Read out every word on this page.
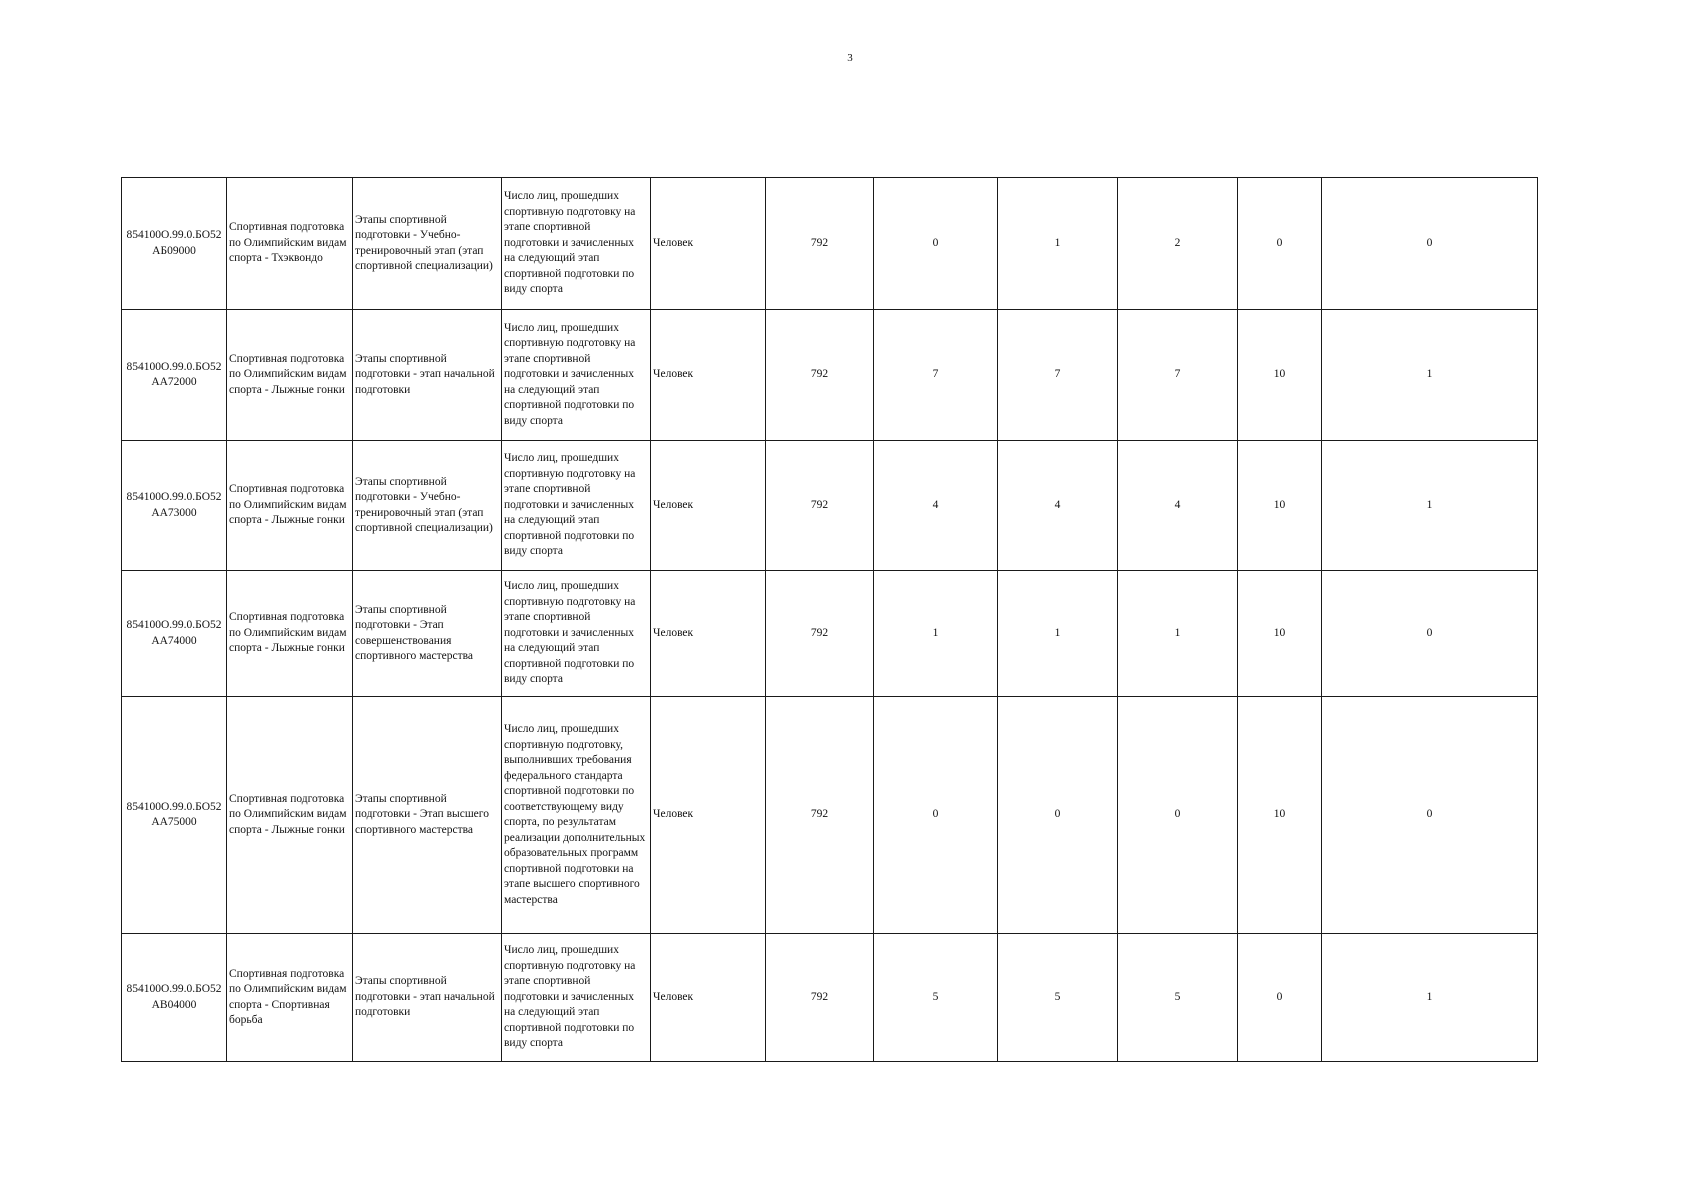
3
854100О.99.0.БО52АБ09000	Спортивная подготовка по Олимпийским видам спорта - Тхэквондо	Этапы спортивной подготовки - Учебно-тренировочный этап (этап спортивной специализации)	Число лиц, прошедших спортивную подготовку на этапе спортивной подготовки и зачисленных на следующий этап спортивной подготовки по виду спорта	Человек	792	0	1	2	0	0
854100О.99.0.БО52АА72000	Спортивная подготовка по Олимпийским видам спорта - Лыжные гонки	Этапы спортивной подготовки - этап начальной подготовки	Число лиц, прошедших спортивную подготовку на этапе спортивной подготовки и зачисленных на следующий этап спортивной подготовки по виду спорта	Человек	792	7	7	7	10	1
854100О.99.0.БО52АА73000	Спортивная подготовка по Олимпийским видам спорта - Лыжные гонки	Этапы спортивной подготовки - Учебно-тренировочный этап (этап спортивной специализации)	Число лиц, прошедших спортивную подготовку на этапе спортивной подготовки и зачисленных на следующий этап спортивной подготовки по виду спорта	Человек	792	4	4	4	10	1
854100О.99.0.БО52АА74000	Спортивная подготовка по Олимпийским видам спорта - Лыжные гонки	Этапы спортивной подготовки - Этап совершенствования спортивного мастерства	Число лиц, прошедших спортивную подготовку на этапе спортивной подготовки и зачисленных на следующий этап спортивной подготовки по виду спорта	Человек	792	1	1	1	10	0
854100О.99.0.БО52АА75000	Спортивная подготовка по Олимпийским видам спорта - Лыжные гонки	Этапы спортивной подготовки - Этап высшего спортивного мастерства	Число лиц, прошедших спортивную подготовку, выполнивших требования федерального стандарта спортивной подготовки по соответствующему виду спорта, по результатам реализации дополнительных образовательных программ спортивной подготовки на этапе высшего спортивного мастерства	Человек	792	0	0	0	10	0
854100О.99.0.БО52АВ04000	Спортивная подготовка по Олимпийским видам спорта - Спортивная борьба	Этапы спортивной подготовки - этап начальной подготовки	Число лиц, прошедших спортивную подготовку на этапе спортивной подготовки и зачисленных на следующий этап спортивной подготовки по виду спорта	Человек	792	5	5	5	0	1
